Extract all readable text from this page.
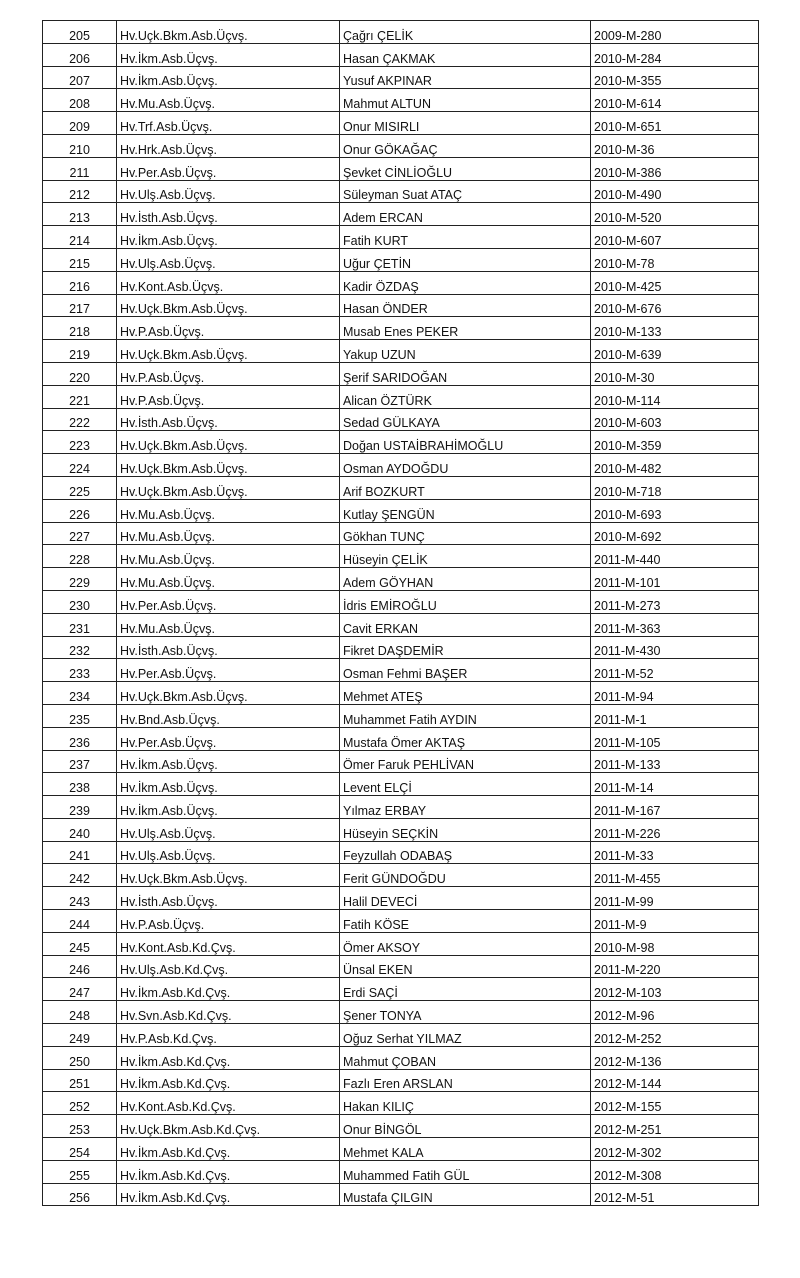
205	Hv.Uçk.Bkm.Asb.Üçvş.	Çağrı ÇELİK	2009-M-280
206	Hv.İkm.Asb.Üçvş.	Hasan ÇAKMAK	2010-M-284
207	Hv.İkm.Asb.Üçvş.	Yusuf AKPINAR	2010-M-355
208	Hv.Mu.Asb.Üçvş.	Mahmut ALTUN	2010-M-614
209	Hv.Trf.Asb.Üçvş.	Onur MISIRLI	2010-M-651
210	Hv.Hrk.Asb.Üçvş.	Onur GÖKAĞAÇ	2010-M-36
211	Hv.Per.Asb.Üçvş.	Şevket CİNLİOĞLU	2010-M-386
212	Hv.Ulş.Asb.Üçvş.	Süleyman Suat ATAÇ	2010-M-490
213	Hv.İsth.Asb.Üçvş.	Adem ERCAN	2010-M-520
214	Hv.İkm.Asb.Üçvş.	Fatih KURT	2010-M-607
215	Hv.Ulş.Asb.Üçvş.	Uğur ÇETİN	2010-M-78
216	Hv.Kont.Asb.Üçvş.	Kadir ÖZDAŞ	2010-M-425
217	Hv.Uçk.Bkm.Asb.Üçvş.	Hasan ÖNDER	2010-M-676
218	Hv.P.Asb.Üçvş.	Musab Enes PEKER	2010-M-133
219	Hv.Uçk.Bkm.Asb.Üçvş.	Yakup UZUN	2010-M-639
220	Hv.P.Asb.Üçvş.	Şerif SARIDOĞAN	2010-M-30
221	Hv.P.Asb.Üçvş.	Alican ÖZTÜRK	2010-M-114
222	Hv.İsth.Asb.Üçvş.	Sedad GÜLKAYA	2010-M-603
223	Hv.Uçk.Bkm.Asb.Üçvş.	Doğan USTAİBRAHİMOĞLU	2010-M-359
224	Hv.Uçk.Bkm.Asb.Üçvş.	Osman AYDOĞDU	2010-M-482
225	Hv.Uçk.Bkm.Asb.Üçvş.	Arif BOZKURT	2010-M-718
226	Hv.Mu.Asb.Üçvş.	Kutlay ŞENGÜN	2010-M-693
227	Hv.Mu.Asb.Üçvş.	Gökhan TUNÇ	2010-M-692
228	Hv.Mu.Asb.Üçvş.	Hüseyin ÇELİK	2011-M-440
229	Hv.Mu.Asb.Üçvş.	Adem GÖYHAN	2011-M-101
230	Hv.Per.Asb.Üçvş.	İdris EMİROĞLU	2011-M-273
231	Hv.Mu.Asb.Üçvş.	Cavit ERKAN	2011-M-363
232	Hv.İsth.Asb.Üçvş.	Fikret DAŞDEMİR	2011-M-430
233	Hv.Per.Asb.Üçvş.	Osman Fehmi BAŞER	2011-M-52
234	Hv.Uçk.Bkm.Asb.Üçvş.	Mehmet ATEŞ	2011-M-94
235	Hv.Bnd.Asb.Üçvş.	Muhammet Fatih AYDIN	2011-M-1
236	Hv.Per.Asb.Üçvş.	Mustafa Ömer AKTAŞ	2011-M-105
237	Hv.İkm.Asb.Üçvş.	Ömer Faruk PEHLİVAN	2011-M-133
238	Hv.İkm.Asb.Üçvş.	Levent ELÇİ	2011-M-14
239	Hv.İkm.Asb.Üçvş.	Yılmaz ERBAY	2011-M-167
240	Hv.Ulş.Asb.Üçvş.	Hüseyin SEÇKİN	2011-M-226
241	Hv.Ulş.Asb.Üçvş.	Feyzullah ODABAŞ	2011-M-33
242	Hv.Uçk.Bkm.Asb.Üçvş.	Ferit GÜNDOĞDU	2011-M-455
243	Hv.İsth.Asb.Üçvş.	Halil DEVECİ	2011-M-99
244	Hv.P.Asb.Üçvş.	Fatih KÖSE	2011-M-9
245	Hv.Kont.Asb.Kd.Çvş.	Ömer AKSOY	2010-M-98
246	Hv.Ulş.Asb.Kd.Çvş.	Ünsal EKEN	2011-M-220
247	Hv.İkm.Asb.Kd.Çvş.	Erdi SAÇİ	2012-M-103
248	Hv.Svn.Asb.Kd.Çvş.	Şener TONYA	2012-M-96
249	Hv.P.Asb.Kd.Çvş.	Oğuz Serhat YILMAZ	2012-M-252
250	Hv.İkm.Asb.Kd.Çvş.	Mahmut ÇOBAN	2012-M-136
251	Hv.İkm.Asb.Kd.Çvş.	Fazlı Eren ARSLAN	2012-M-144
252	Hv.Kont.Asb.Kd.Çvş.	Hakan KILIÇ	2012-M-155
253	Hv.Uçk.Bkm.Asb.Kd.Çvş.	Onur BİNGÖL	2012-M-251
254	Hv.İkm.Asb.Kd.Çvş.	Mehmet KALA	2012-M-302
255	Hv.İkm.Asb.Kd.Çvş.	Muhammed Fatih GÜL	2012-M-308
256	Hv.İkm.Asb.Kd.Çvş.	Mustafa ÇILGIN	2012-M-51
